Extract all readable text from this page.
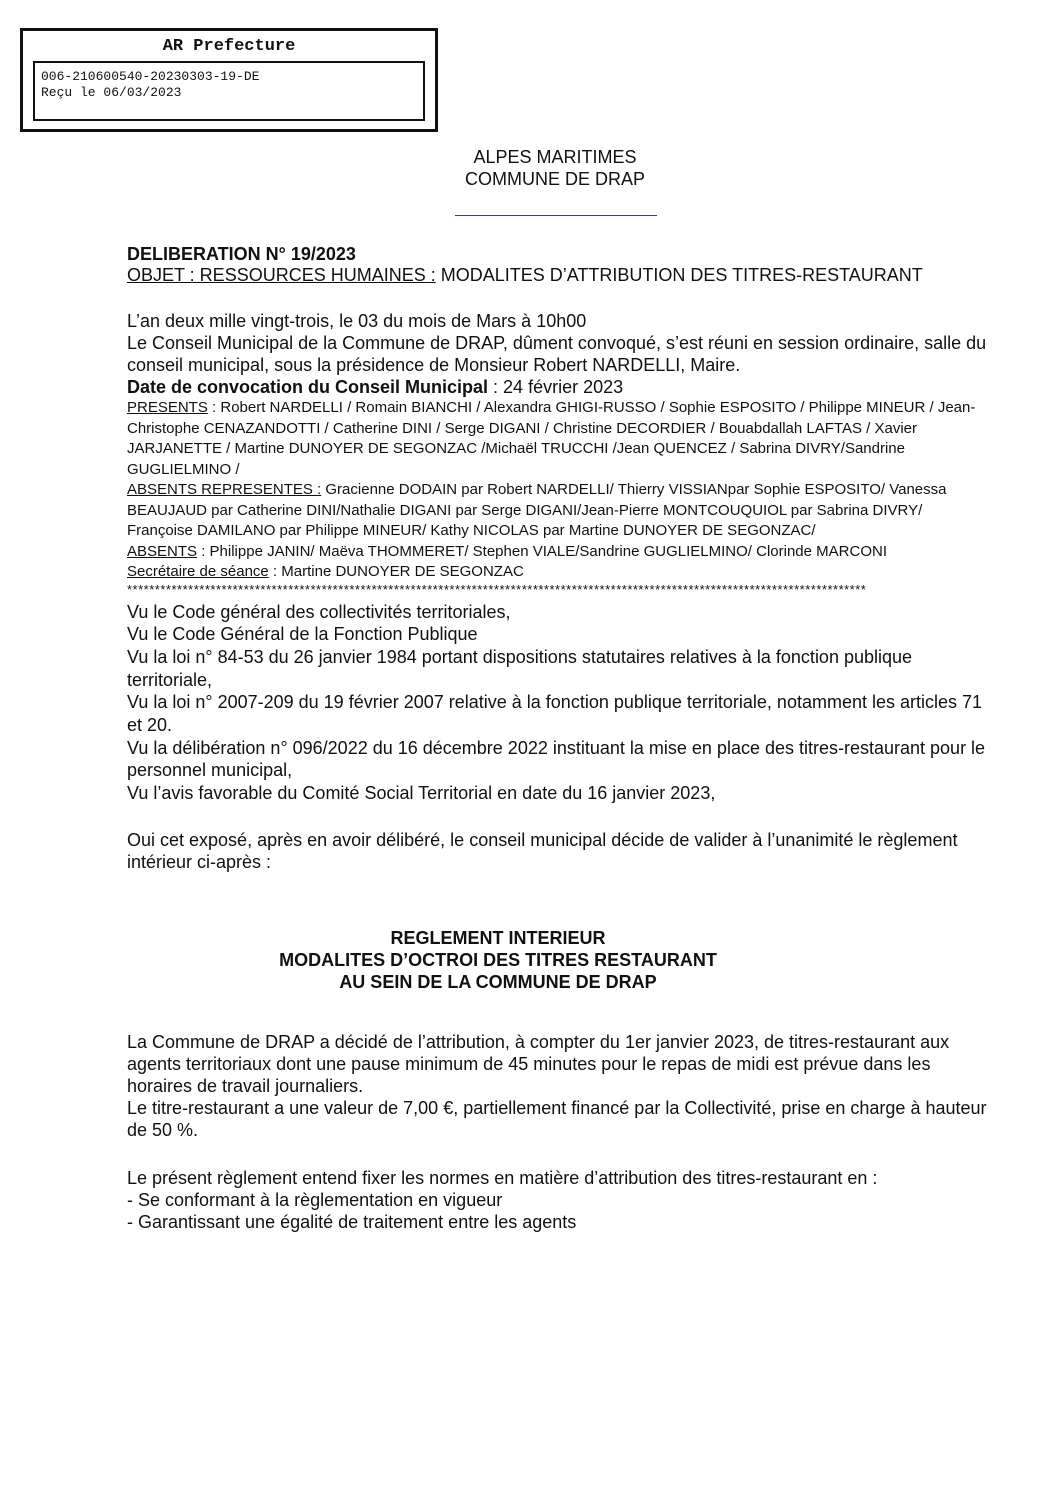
AR Prefecture
006-210600540-20230303-19-DE
Reçu le 06/03/2023
ALPES MARITIMES
COMMUNE DE DRAP
DELIBERATION N° 19/2023
OBJET : RESSOURCES HUMAINES : MODALITES D’ATTRIBUTION DES TITRES-RESTAURANT

L’an deux mille vingt-trois, le 03 du mois de Mars à 10h00

Le Conseil Municipal de la Commune de DRAP, dûment convoqué, s’est réuni en session ordinaire, salle du conseil municipal, sous la présidence de Monsieur Robert NARDELLI, Maire.

Date de convocation du Conseil Municipal : 24 février 2023

PRESENTS : Robert NARDELLI / Romain BIANCHI / Alexandra GHIGI-RUSSO / Sophie ESPOSITO / Philippe MINEUR / Jean-Christophe CENAZANDOTTI / Catherine DINI / Serge DIGANI / Christine DECORDIER / Bouabdallah LAFTAS / Xavier JARJANETTE / Martine DUNOYER DE SEGONZAC /Michaël TRUCCHI /Jean QUENCEZ / Sabrina DIVRY/Sandrine GUGLIELMINO /

ABSENTS REPRESENTES : Gracienne DODAIN par Robert NARDELLI/ Thierry VISSIANpar Sophie ESPOSITO/ Vanessa BEAUJAUD par Catherine DINI/Nathalie DIGANI par Serge DIGANI/Jean-Pierre MONTCOUQUIOL par Sabrina DIVRY/ Françoise DAMILANO par Philippe MINEUR/ Kathy NICOLAS par Martine DUNOYER DE SEGONZAC/

ABSENTS : Philippe JANIN/ Maëva THOMMERET/ Stephen VIALE/Sandrine GUGLIELMINO/ Clorinde MARCONI

Secrétaire de séance : Martine DUNOYER DE SEGONZAC

*************************************************************************************************************************************

Vu le Code général des collectivités territoriales,

Vu le Code Général de la Fonction Publique

Vu la loi n° 84-53 du 26 janvier 1984 portant dispositions statutaires relatives à la fonction publique territoriale,

Vu la loi n° 2007-209 du 19 février 2007 relative à la fonction publique territoriale, notamment les articles 71 et 20.

Vu la délibération n° 096/2022 du 16 décembre 2022 instituant la mise en place des titres-restaurant pour le personnel municipal,

Vu l’avis favorable du Comité Social Territorial en date du 16 janvier 2023,

Oui cet exposé, après en avoir délibéré, le conseil municipal décide de valider à l’unanimité le règlement intérieur ci-après :

REGLEMENT INTERIEUR
MODALITES D’OCTROI DES TITRES RESTAURANT
AU SEIN DE LA COMMUNE DE DRAP

La Commune de DRAP a décidé de l’attribution, à compter du 1er janvier 2023, de titres-restaurant aux agents territoriaux dont une pause minimum de 45 minutes pour le repas de midi est prévue dans les horaires de travail journaliers.

Le titre-restaurant a une valeur de 7,00 €, partiellement financé par la Collectivité, prise en charge à hauteur de 50 %.

Le présent règlement entend fixer les normes en matière d’attribution des titres-restaurant en :

- Se conformant à la règlementation en vigueur

- Garantissant une égalité de traitement entre les agents
